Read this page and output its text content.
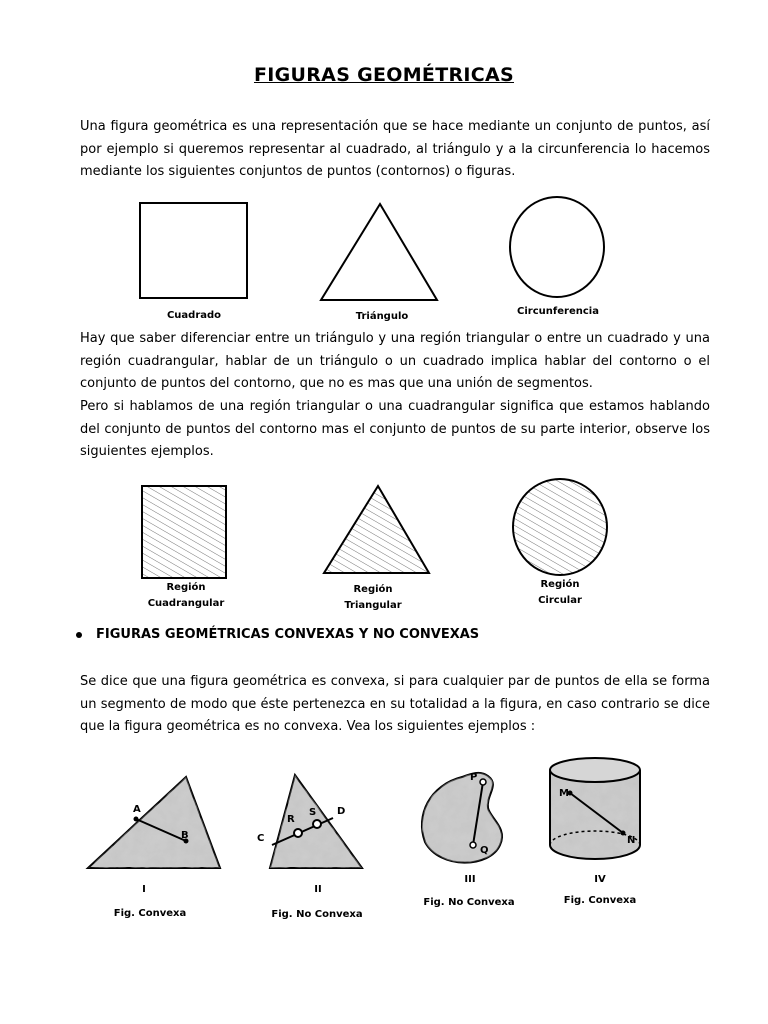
FIGURAS GEOMÉTRICAS
Una figura geométrica es una representación que se hace mediante un conjunto de puntos, así por ejemplo si queremos representar al cuadrado, al triángulo y a la circunferencia lo hacemos mediante los siguientes conjuntos de puntos (contornos) o figuras.
A
B	C
R
S D
P
Q
M
N
Cuadrado	Triángulo	Circunferencia
Hay que saber diferenciar entre un triángulo y una región triangular o entre un cuadrado y una región cuadrangular, hablar de un triángulo o un cuadrado implica hablar del contorno o el conjunto de puntos del contorno, que no es mas que una unión de segmentos.
Pero si hablamos de una región triangular o una cuadrangular significa que estamos hablando del conjunto de puntos del contorno mas el conjunto de puntos de su parte interior, observe los siguientes ejemplos.
Región
Cuadrangular
Región
Triangular
Región
Circular
FIGURAS GEOMÉTRICAS CONVEXAS Y NO CONVEXAS
Se dice que una figura geométrica es convexa, si para cualquier par de puntos de ella se forma un segmento de modo que éste pertenezca en su totalidad a la figura, en caso contrario se dice que la figura geométrica es no convexa. Vea los siguientes ejemplos :
I
Fig. Convexa
II
Fig. No Convexa
III
Fig. No Convexa
IV
Fig. Convexa
